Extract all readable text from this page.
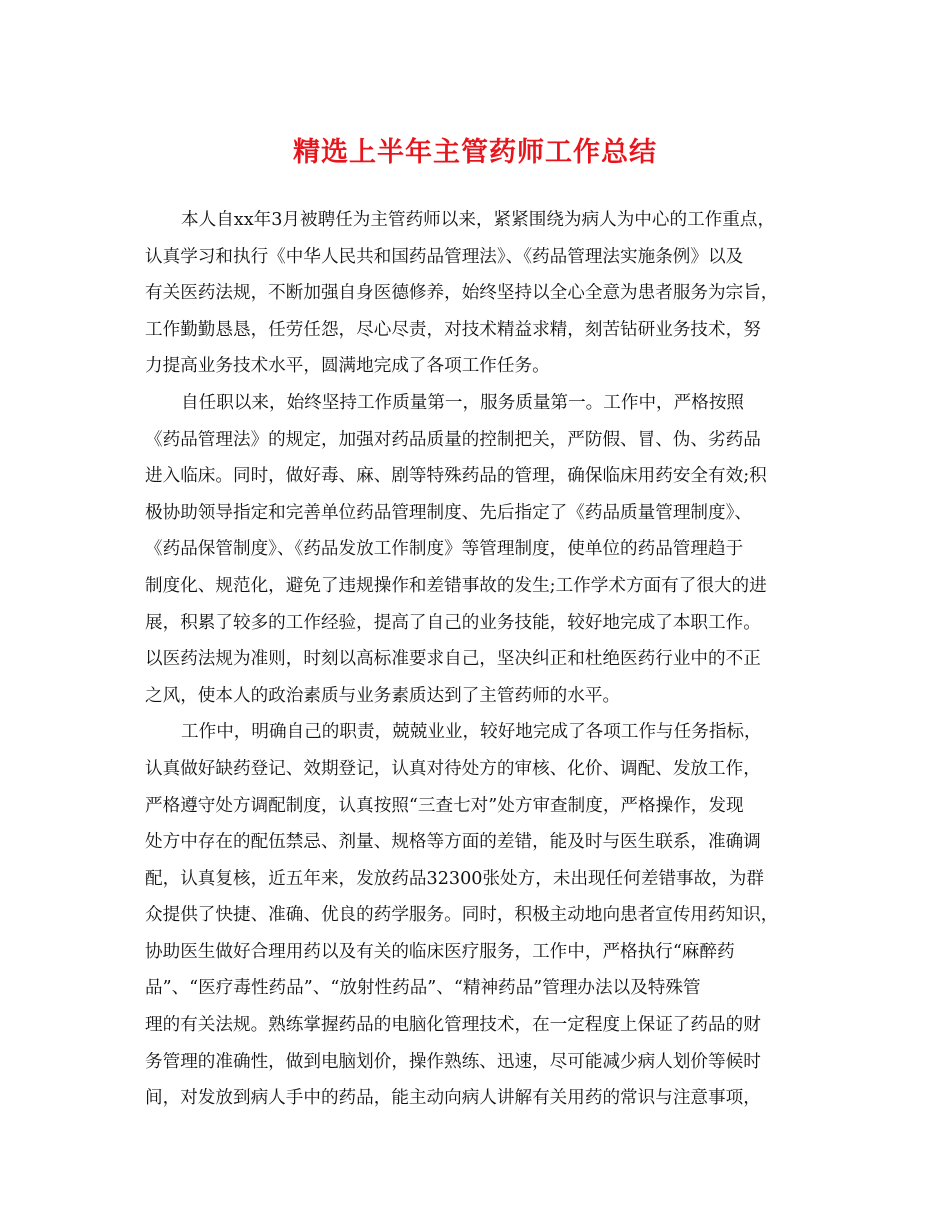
精选上半年主管药师工作总结
本人自xx年3月被聘任为主管药师以来，紧紧围绕为病人为中心的工作重点，
认真学习和执行《中华人民共和国药品管理法》、《药品管理法实施条例》以及
有关医药法规，不断加强自身医德修养，始终坚持以全心全意为患者服务为宗旨，
工作勤勤恳恳，任劳任怨，尽心尽责，对技术精益求精，刻苦钻研业务技术，努
力提高业务技术水平，圆满地完成了各项工作任务。
自任职以来，始终坚持工作质量第一，服务质量第一。工作中，严格按照
《药品管理法》的规定，加强对药品质量的控制把关，严防假、冒、伪、劣药品
进入临床。同时，做好毒、麻、剧等特殊药品的管理，确保临床用药安全有效;积
极协助领导指定和完善单位药品管理制度、先后指定了《药品质量管理制度》、
《药品保管制度》、《药品发放工作制度》等管理制度，使单位的药品管理趋于
制度化、规范化，避免了违规操作和差错事故的发生;工作学术方面有了很大的进
展，积累了较多的工作经验，提高了自己的业务技能，较好地完成了本职工作。
以医药法规为准则，时刻以高标准要求自己，坚决纠正和杜绝医药行业中的不正
之风，使本人的政治素质与业务素质达到了主管药师的水平。
工作中，明确自己的职责，兢兢业业，较好地完成了各项工作与任务指标，
认真做好缺药登记、效期登记，认真对待处方的审核、化价、调配、发放工作，
严格遵守处方调配制度，认真按照“三查七对”处方审查制度，严格操作，发现
处方中存在的配伍禁忌、剂量、规格等方面的差错，能及时与医生联系，准确调
配，认真复核，近五年来，发放药品32300张处方，未出现任何差错事故，为群
众提供了快捷、准确、优良的药学服务。同时，积极主动地向患者宣传用药知识，
协助医生做好合理用药以及有关的临床医疗服务，工作中，严格执行“麻醉药
品”、“医疗毒性药品”、“放射性药品”、“精神药品”管理办法以及特殊管
理的有关法规。熟练掌握药品的电脑化管理技术，在一定程度上保证了药品的财
务管理的准确性，做到电脑划价，操作熟练、迅速，尽可能减少病人划价等候时
间，对发放到病人手中的药品，能主动向病人讲解有关用药的常识与注意事项，
